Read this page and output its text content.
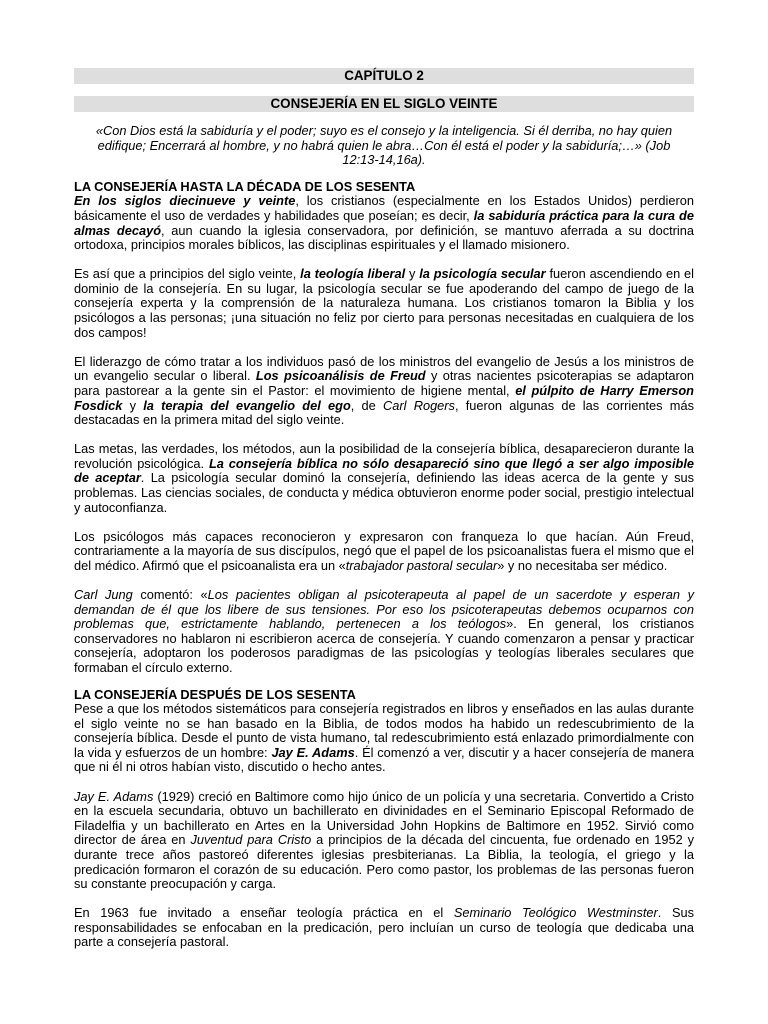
CAPÍTULO 2
CONSEJERÍA EN EL SIGLO VEINTE
«Con Dios está la sabiduría y el poder; suyo es el consejo y la inteligencia. Si él derriba, no hay quien edifique; Encerrará al hombre, y no habrá quien le abra…Con él está el poder y la sabiduría;…» (Job 12:13-14,16a).
LA CONSEJERÍA HASTA LA DÉCADA DE LOS SESENTA

En los siglos diecinueve y veinte, los cristianos (especialmente en los Estados Unidos) perdieron básicamente el uso de verdades y habilidades que poseían; es decir, la sabiduría práctica para la cura de almas decayó, aun cuando la iglesia conservadora, por definición, se mantuvo aferrada a su doctrina ortodoxa, principios morales bíblicos, las disciplinas espirituales y el llamado misionero.

Es así que a principios del siglo veinte, la teología liberal y la psicología secular fueron ascendiendo en el dominio de la consejería. En su lugar, la psicología secular se fue apoderando del campo de juego de la consejería experta y la comprensión de la naturaleza humana. Los cristianos tomaron la Biblia y los psicólogos a las personas; ¡una situación no feliz por cierto para personas necesitadas en cualquiera de los dos campos!

El liderazgo de cómo tratar a los individuos pasó de los ministros del evangelio de Jesús a los ministros de un evangelio secular o liberal. Los psicoanálisis de Freud y otras nacientes psicoterapias se adaptaron para pastorear a la gente sin el Pastor: el movimiento de higiene mental, el púlpito de Harry Emerson Fosdick y la terapia del evangelio del ego, de Carl Rogers, fueron algunas de las corrientes más destacadas en la primera mitad del siglo veinte.

Las metas, las verdades, los métodos, aun la posibilidad de la consejería bíblica, desaparecieron durante la revolución psicológica. La consejería bíblica no sólo desapareció sino que llegó a ser algo imposible de aceptar. La psicología secular dominó la consejería, definiendo las ideas acerca de la gente y sus problemas. Las ciencias sociales, de conducta y médica obtuvieron enorme poder social, prestigio intelectual y autoconfianza.

Los psicólogos más capaces reconocieron y expresaron con franqueza lo que hacían. Aún Freud, contrariamente a la mayoría de sus discípulos, negó que el papel de los psicoanalistas fuera el mismo que el del médico. Afirmó que el psicoanalista era un «trabajador pastoral secular» y no necesitaba ser médico.

Carl Jung comentó: «Los pacientes obligan al psicoterapeuta al papel de un sacerdote y esperan y demandan de él que los libere de sus tensiones. Por eso los psicoterapeutas debemos ocuparnos con problemas que, estrictamente hablando, pertenecen a los teólogos». En general, los cristianos conservadores no hablaron ni escribieron acerca de consejería. Y cuando comenzaron a pensar y practicar consejería, adoptaron los poderosos paradigmas de las psicologías y teologías liberales seculares que formaban el círculo externo.

LA CONSEJERÍA DESPUÉS DE LOS SESENTA

Pese a que los métodos sistemáticos para consejería registrados en libros y enseñados en las aulas durante el siglo veinte no se han basado en la Biblia, de todos modos ha habido un redescubrimiento de la consejería bíblica. Desde el punto de vista humano, tal redescubrimiento está enlazado primordialmente con la vida y esfuerzos de un hombre: Jay E. Adams. Él comenzó a ver, discutir y a hacer consejería de manera que ni él ni otros habían visto, discutido o hecho antes.

Jay E. Adams (1929) creció en Baltimore como hijo único de un policía y una secretaria. Convertido a Cristo en la escuela secundaria, obtuvo un bachillerato en divinidades en el Seminario Episcopal Reformado de Filadelfia y un bachillerato en Artes en la Universidad John Hopkins de Baltimore en 1952. Sirvió como director de área en Juventud para Cristo a principios de la década del cincuenta, fue ordenado en 1952 y durante trece años pastoreó diferentes iglesias presbiterianas. La Biblia, la teología, el griego y la predicación formaron el corazón de su educación. Pero como pastor, los problemas de las personas fueron su constante preocupación y carga.

En 1963 fue invitado a enseñar teología práctica en el Seminario Teológico Westminster. Sus responsabilidades se enfocaban en la predicación, pero incluían un curso de teología que dedicaba una parte a consejería pastoral.
